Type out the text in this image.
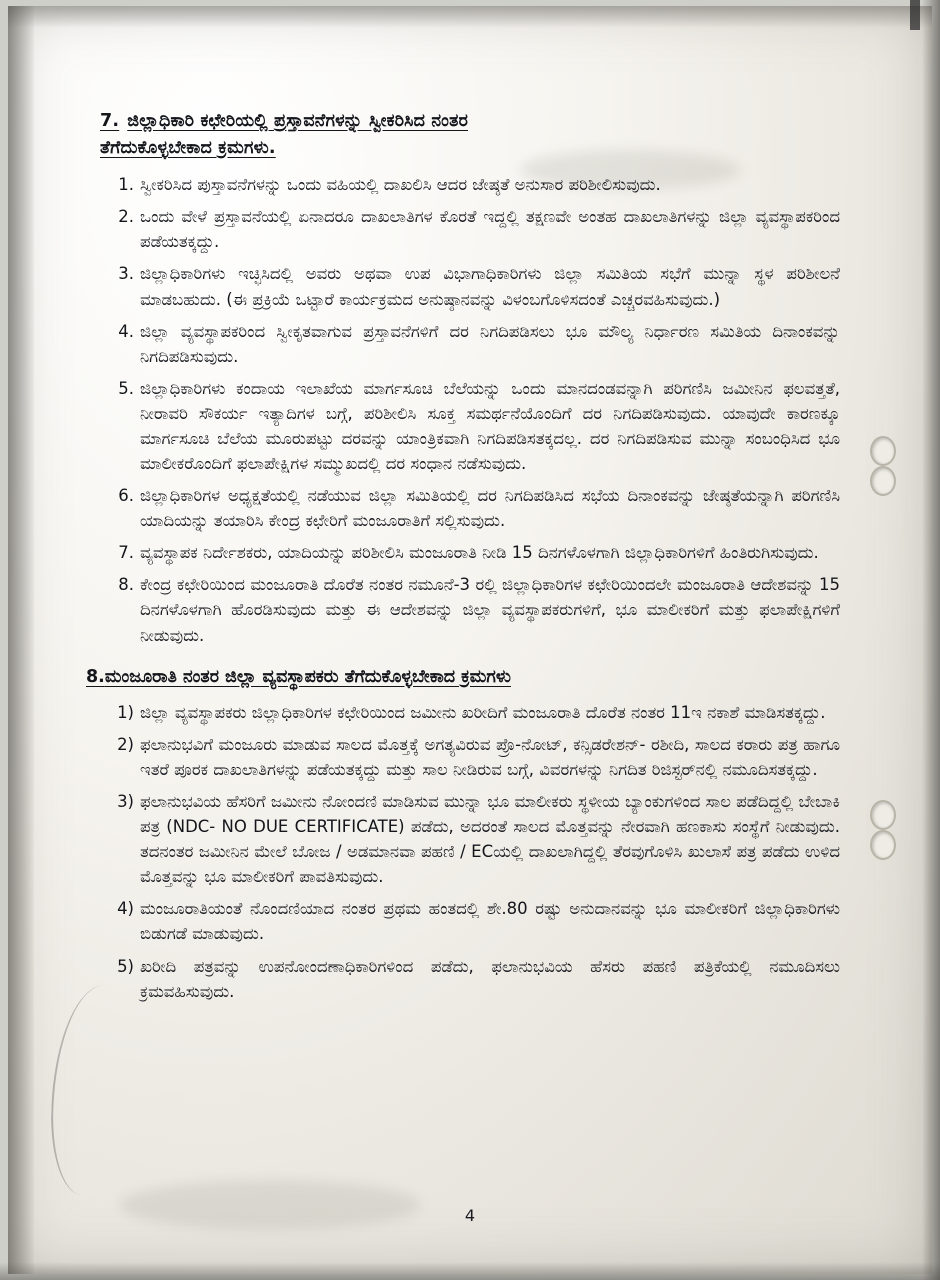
7. ಜಿಲ್ಲಾಧಿಕಾರಿ ಕಛೇರಿಯಲ್ಲಿ ಪ್ರಸ್ತಾವನೆಗಳನ್ನು ಸ್ವೀಕರಿಸಿದ ನಂತರ
ತೆಗೆದುಕೊಳ್ಳಬೇಕಾದ ಕ್ರಮಗಳು.
1. ಸ್ವೀಕರಿಸಿದ ಪುಸ್ತಾವನೆಗಳನ್ನು ಒಂದು ವಹಿಯಲ್ಲಿ ದಾಖಲಿಸಿ ಆದರ ಜೇಷ್ಠತೆ ಅನುಸಾರ ಪರಿಶೀಲಿಸುವುದು.
2. ಒಂದು ವೇಳೆ ಪ್ರಸ್ತಾವನೆಯಲ್ಲಿ ಏನಾದರೂ ದಾಖಲಾತಿಗಳ ಕೊರತೆ ಇದ್ದಲ್ಲಿ ತಕ್ಷಣವೇ ಅಂತಹ ದಾಖಲಾತಿಗಳನ್ನು ಜಿಲ್ಲಾ ವ್ಯವಸ್ಥಾಪಕರಿಂದ ಪಡೆಯತಕ್ಕದ್ದು.
3. ಜಿಲ್ಲಾಧಿಕಾರಿಗಳು ಇಚ್ಛಿಸಿದಲ್ಲಿ ಅವರು ಅಥವಾ ಉಪ ವಿಭಾಗಾಧಿಕಾರಿಗಳು ಜಿಲ್ಲಾ ಸಮಿತಿಯ ಸಭೆಗೆ ಮುನ್ನಾ ಸ್ಥಳ ಪರಿಶೀಲನೆ ಮಾಡಬಹುದು. (ಈ ಪ್ರಕ್ರಿಯೆ ಒಟ್ಟಾರೆ ಕಾರ್ಯಕ್ರಮದ ಅನುಷ್ಠಾನವನ್ನು ವಿಳಂಬಗೊಳಿಸದಂತೆ ಎಚ್ಚರವಹಿಸುವುದು.)
4. ಜಿಲ್ಲಾ ವ್ಯವಸ್ಥಾಪಕರಿಂದ ಸ್ವೀಕೃತವಾಗುವ ಪ್ರಸ್ತಾವನೆಗಳಿಗೆ ದರ ನಿಗದಿಪಡಿಸಲು ಭೂ ಮೌಲ್ಯ ನಿರ್ಧಾರಣ ಸಮಿತಿಯ ದಿನಾಂಕವನ್ನು ನಿಗದಿಪಡಿಸುವುದು.
5. ಜಿಲ್ಲಾಧಿಕಾರಿಗಳು ಕಂದಾಯ ಇಲಾಖೆಯ ಮಾರ್ಗಸೂಚಿ ಬೆಲೆಯನ್ನು ಒಂದು ಮಾನದಂಡವನ್ನಾಗಿ ಪರಿಗಣಿಸಿ ಜಮೀನಿನ ಫಲವತ್ತತೆ, ನೀರಾವರಿ ಸೌಕರ್ಯ ಇತ್ಯಾದಿಗಳ ಬಗ್ಗೆ, ಪರಿಶೀಲಿಸಿ ಸೂಕ್ತ ಸಮರ್ಥನೆಯೊಂದಿಗೆ ದರ ನಿಗದಿಪಡಿಸುವುದು. ಯಾವುದೇ ಕಾರಣಕ್ಕೂ ಮಾರ್ಗಸೂಚಿ ಬೆಲೆಯ ಮೂರುಪಟ್ಟು ದರವನ್ನು ಯಾಂತ್ರಿಕವಾಗಿ ನಿಗದಿಪಡಿಸತಕ್ಕದಲ್ಲ. ದರ ನಿಗದಿಪಡಿಸುವ ಮುನ್ನಾ ಸಂಬಂಧಿಸಿದ ಭೂ ಮಾಲೀಕರೊಂದಿಗೆ ಫಲಾಪೇಕ್ಷಿಗಳ ಸಮ್ಮುಖದಲ್ಲಿ ದರ ಸಂಧಾನ ನಡೆಸುವುದು.
6. ಜಿಲ್ಲಾಧಿಕಾರಿಗಳ ಅಧ್ಯಕ್ಷತೆಯಲ್ಲಿ ನಡೆಯುವ ಜಿಲ್ಲಾ ಸಮಿತಿಯಲ್ಲಿ ದರ ನಿಗದಿಪಡಿಸಿದ ಸಭೆಯ ದಿನಾಂಕವನ್ನು ಜೇಷ್ಠತೆಯನ್ನಾಗಿ ಪರಿಗಣಿಸಿ ಯಾದಿಯನ್ನು ತಯಾರಿಸಿ ಕೇಂದ್ರ ಕಛೇರಿಗೆ ಮಂಜೂರಾತಿಗೆ ಸಲ್ಲಿಸುವುದು.
7. ವ್ಯವಸ್ಥಾಪಕ ನಿರ್ದೇಶಕರು, ಯಾದಿಯನ್ನು ಪರಿಶೀಲಿಸಿ ಮಂಜೂರಾತಿ ನೀಡಿ 15 ದಿನಗಳೊಳಗಾಗಿ ಜಿಲ್ಲಾಧಿಕಾರಿಗಳಿಗೆ ಹಿಂತಿರುಗಿಸುವುದು.
8. ಕೇಂದ್ರ ಕಛೇರಿಯಿಂದ ಮಂಜೂರಾತಿ ದೊರೆತ ನಂತರ ನಮೂನೆ-3 ರಲ್ಲಿ ಜಿಲ್ಲಾಧಿಕಾರಿಗಳ ಕಛೇರಿಯಿಂದಲೇ ಮಂಜೂರಾತಿ ಆದೇಶವನ್ನು 15 ದಿನಗಳೊಳಗಾಗಿ ಹೊರಡಿಸುವುದು ಮತ್ತು ಈ ಆದೇಶವನ್ನು ಜಿಲ್ಲಾ ವ್ಯವಸ್ಥಾಪಕರುಗಳಿಗೆ, ಭೂ ಮಾಲೀಕರಿಗೆ ಮತ್ತು ಫಲಾಪೇಕ್ಷಿಗಳಿಗೆ ನೀಡುವುದು.
8.ಮಂಜೂರಾತಿ ನಂತರ ಜಿಲ್ಲಾ ವ್ಯವಸ್ಥಾಪಕರು ತೆಗೆದುಕೊಳ್ಳಬೇಕಾದ ಕ್ರಮಗಳು
1) ಜಿಲ್ಲಾ ವ್ಯವಸ್ಥಾಪಕರು ಜಿಲ್ಲಾಧಿಕಾರಿಗಳ ಕಛೇರಿಯಿಂದ ಜಮೀನು ಖರೀದಿಗೆ ಮಂಜೂರಾತಿ ದೊರೆತ ನಂತರ 11ಇ ನಕಾಶೆ ಮಾಡಿಸತಕ್ಕದ್ದು.
2) ಫಲಾನುಭವಿಗೆ ಮಂಜೂರು ಮಾಡುವ ಸಾಲದ ಮೊತ್ತಕ್ಕೆ ಅಗತ್ಯವಿರುವ ಪ್ರೊ-ನೋಟ್, ಕನ್ಸಿಡರೇಶನ್- ರಶೀದಿ, ಸಾಲದ ಕರಾರು ಪತ್ರ ಹಾಗೂ ಇತರೆ ಪೂರಕ ದಾಖಲಾತಿಗಳನ್ನು ಪಡೆಯತಕ್ಕದ್ದು ಮತ್ತು ಸಾಲ ನೀಡಿರುವ ಬಗ್ಗೆ, ವಿವರಗಳನ್ನು ನಿಗದಿತ ರಿಜಿಸ್ಟರ್‌ನಲ್ಲಿ ನಮೂದಿಸತಕ್ಕದ್ದು.
3) ಫಲಾನುಭವಿಯ ಹೆಸರಿಗೆ ಜಮೀನು ನೋಂದಣಿ ಮಾಡಿಸುವ ಮುನ್ನಾ ಭೂ ಮಾಲೀಕರು ಸ್ಥಳೀಯ ಬ್ಯಾಂಕುಗಳಿಂದ ಸಾಲ ಪಡೆದಿದ್ದಲ್ಲಿ ಬೇಬಾಕಿ ಪತ್ರ (NDC- NO DUE CERTIFICATE) ಪಡೆದು, ಅದರಂತೆ ಸಾಲದ ಮೊತ್ತವನ್ನು ನೇರವಾಗಿ ಹಣಕಾಸು ಸಂಸ್ಥೆಗೆ ನೀಡುವುದು. ತದನಂತರ ಜಮೀನಿನ ಮೇಲೆ ಬೋಜ / ಅಡಮಾನವಾ ಪಹಣಿ / ECಯಲ್ಲಿ ದಾಖಲಾಗಿದ್ದಲ್ಲಿ ತೆರವುಗೊಳಿಸಿ ಖುಲಾಸೆ ಪತ್ರ ಪಡೆದು ಉಳಿದ ಮೊತ್ತವನ್ನು ಭೂ ಮಾಲೀಕರಿಗೆ ಪಾವತಿಸುವುದು.
4) ಮಂಜೂರಾತಿಯಂತೆ ನೊಂದಣಿಯಾದ ನಂತರ ಪ್ರಥಮ ಹಂತದಲ್ಲಿ ಶೇ.80 ರಷ್ಟು ಅನುದಾನವನ್ನು ಭೂ ಮಾಲೀಕರಿಗೆ ಜಿಲ್ಲಾಧಿಕಾರಿಗಳು ಬಿಡುಗಡೆ ಮಾಡುವುದು.
5) ಖರೀದಿ ಪತ್ರವನ್ನು ಉಪನೋಂದಣಾಧಿಕಾರಿಗಳಿಂದ ಪಡೆದು, ಫಲಾನುಭವಿಯ ಹೆಸರು ಪಹಣಿ ಪತ್ರಿಕೆಯಲ್ಲಿ ನಮೂದಿಸಲು ಕ್ರಮವಹಿಸುವುದು.
4
